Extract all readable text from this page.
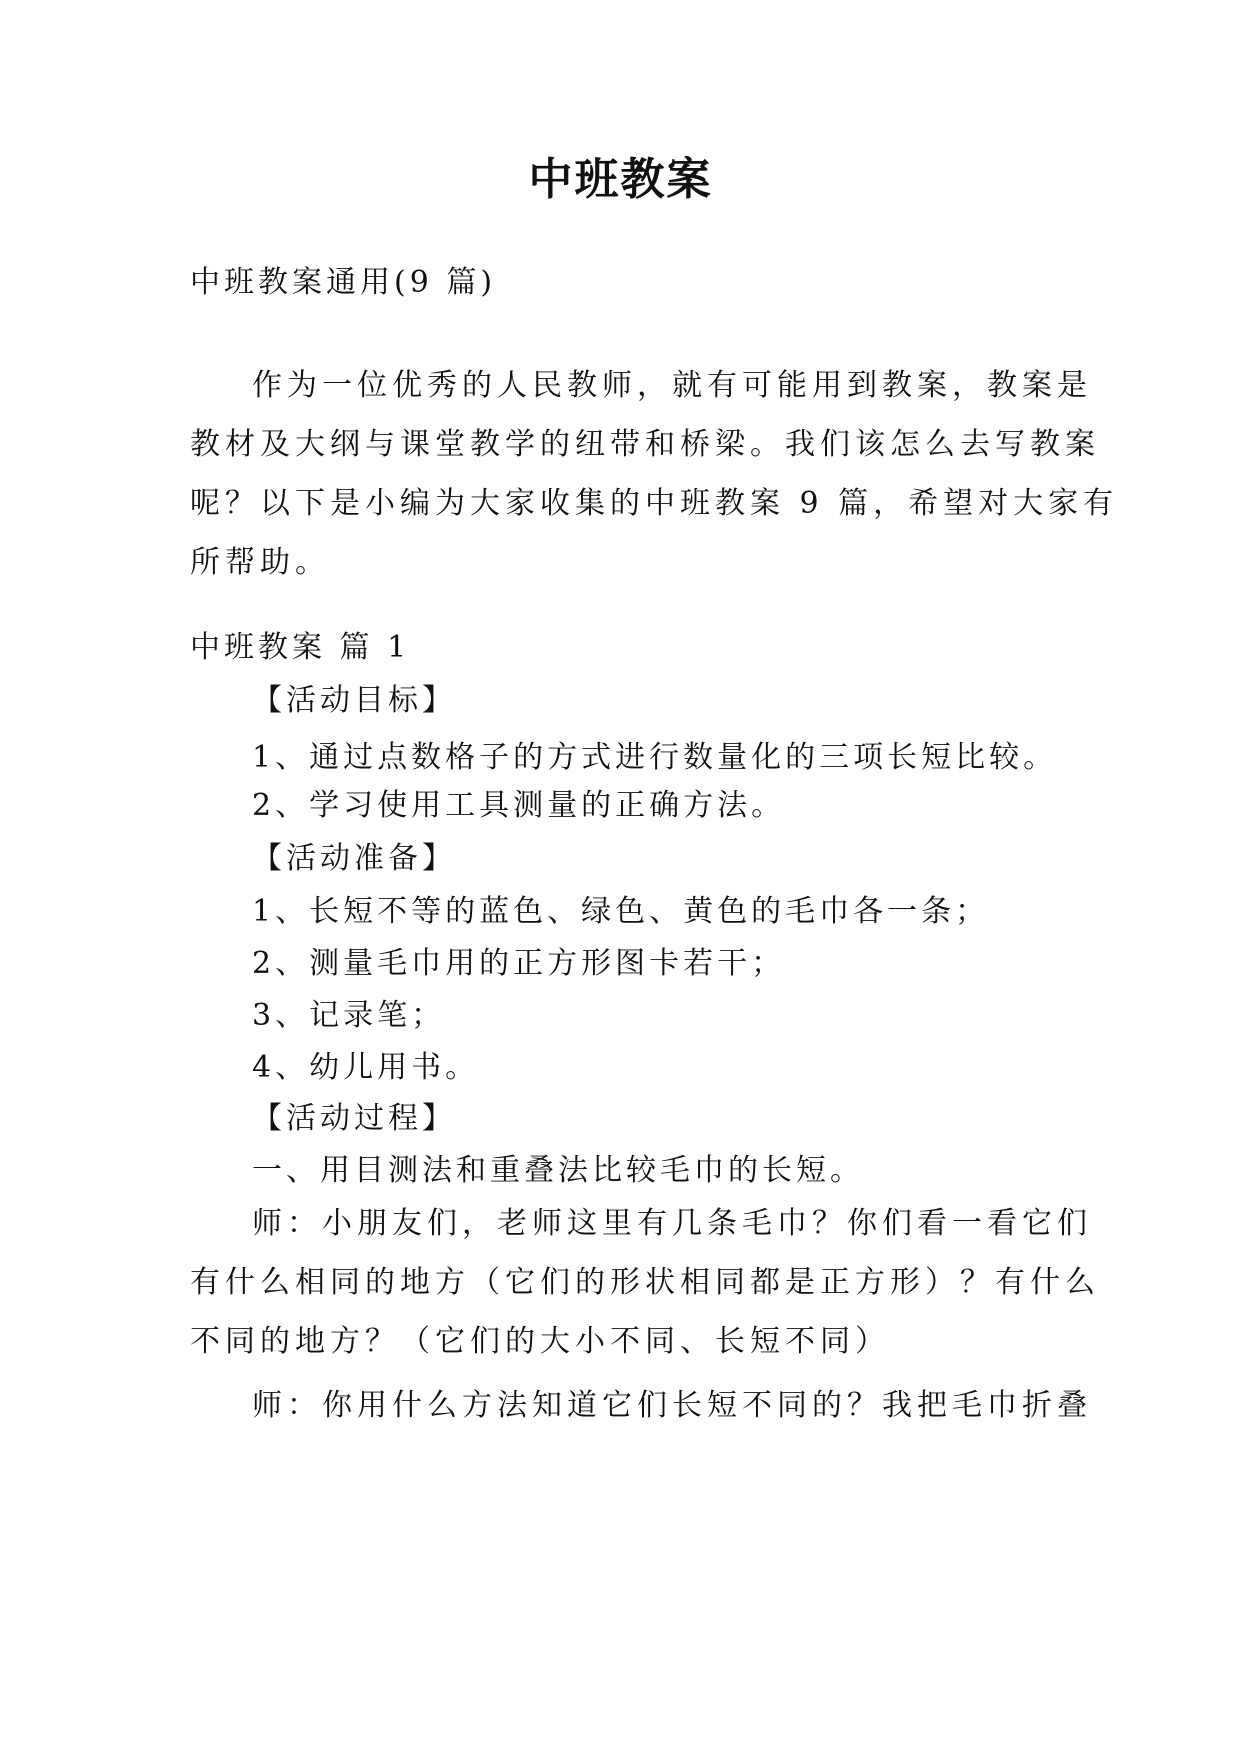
中班教案
中班教案通用(9 篇)
作为一位优秀的人民教师，就有可能用到教案，教案是
教材及大纲与课堂教学的纽带和桥梁。我们该怎么去写教案
呢？以下是小编为大家收集的中班教案 9 篇，希望对大家有
所帮助。
中班教案 篇 1
【活动目标】
1、通过点数格子的方式进行数量化的三项长短比较。
2、学习使用工具测量的正确方法。
【活动准备】
1、长短不等的蓝色、绿色、黄色的毛巾各一条；
2、测量毛巾用的正方形图卡若干；
3、记录笔；
4、幼儿用书。
【活动过程】
一、用目测法和重叠法比较毛巾的长短。
师：小朋友们，老师这里有几条毛巾？你们看一看它们
有什么相同的地方（它们的形状相同都是正方形）？有什么
不同的地方？（它们的大小不同、长短不同）
师：你用什么方法知道它们长短不同的？我把毛巾折叠
